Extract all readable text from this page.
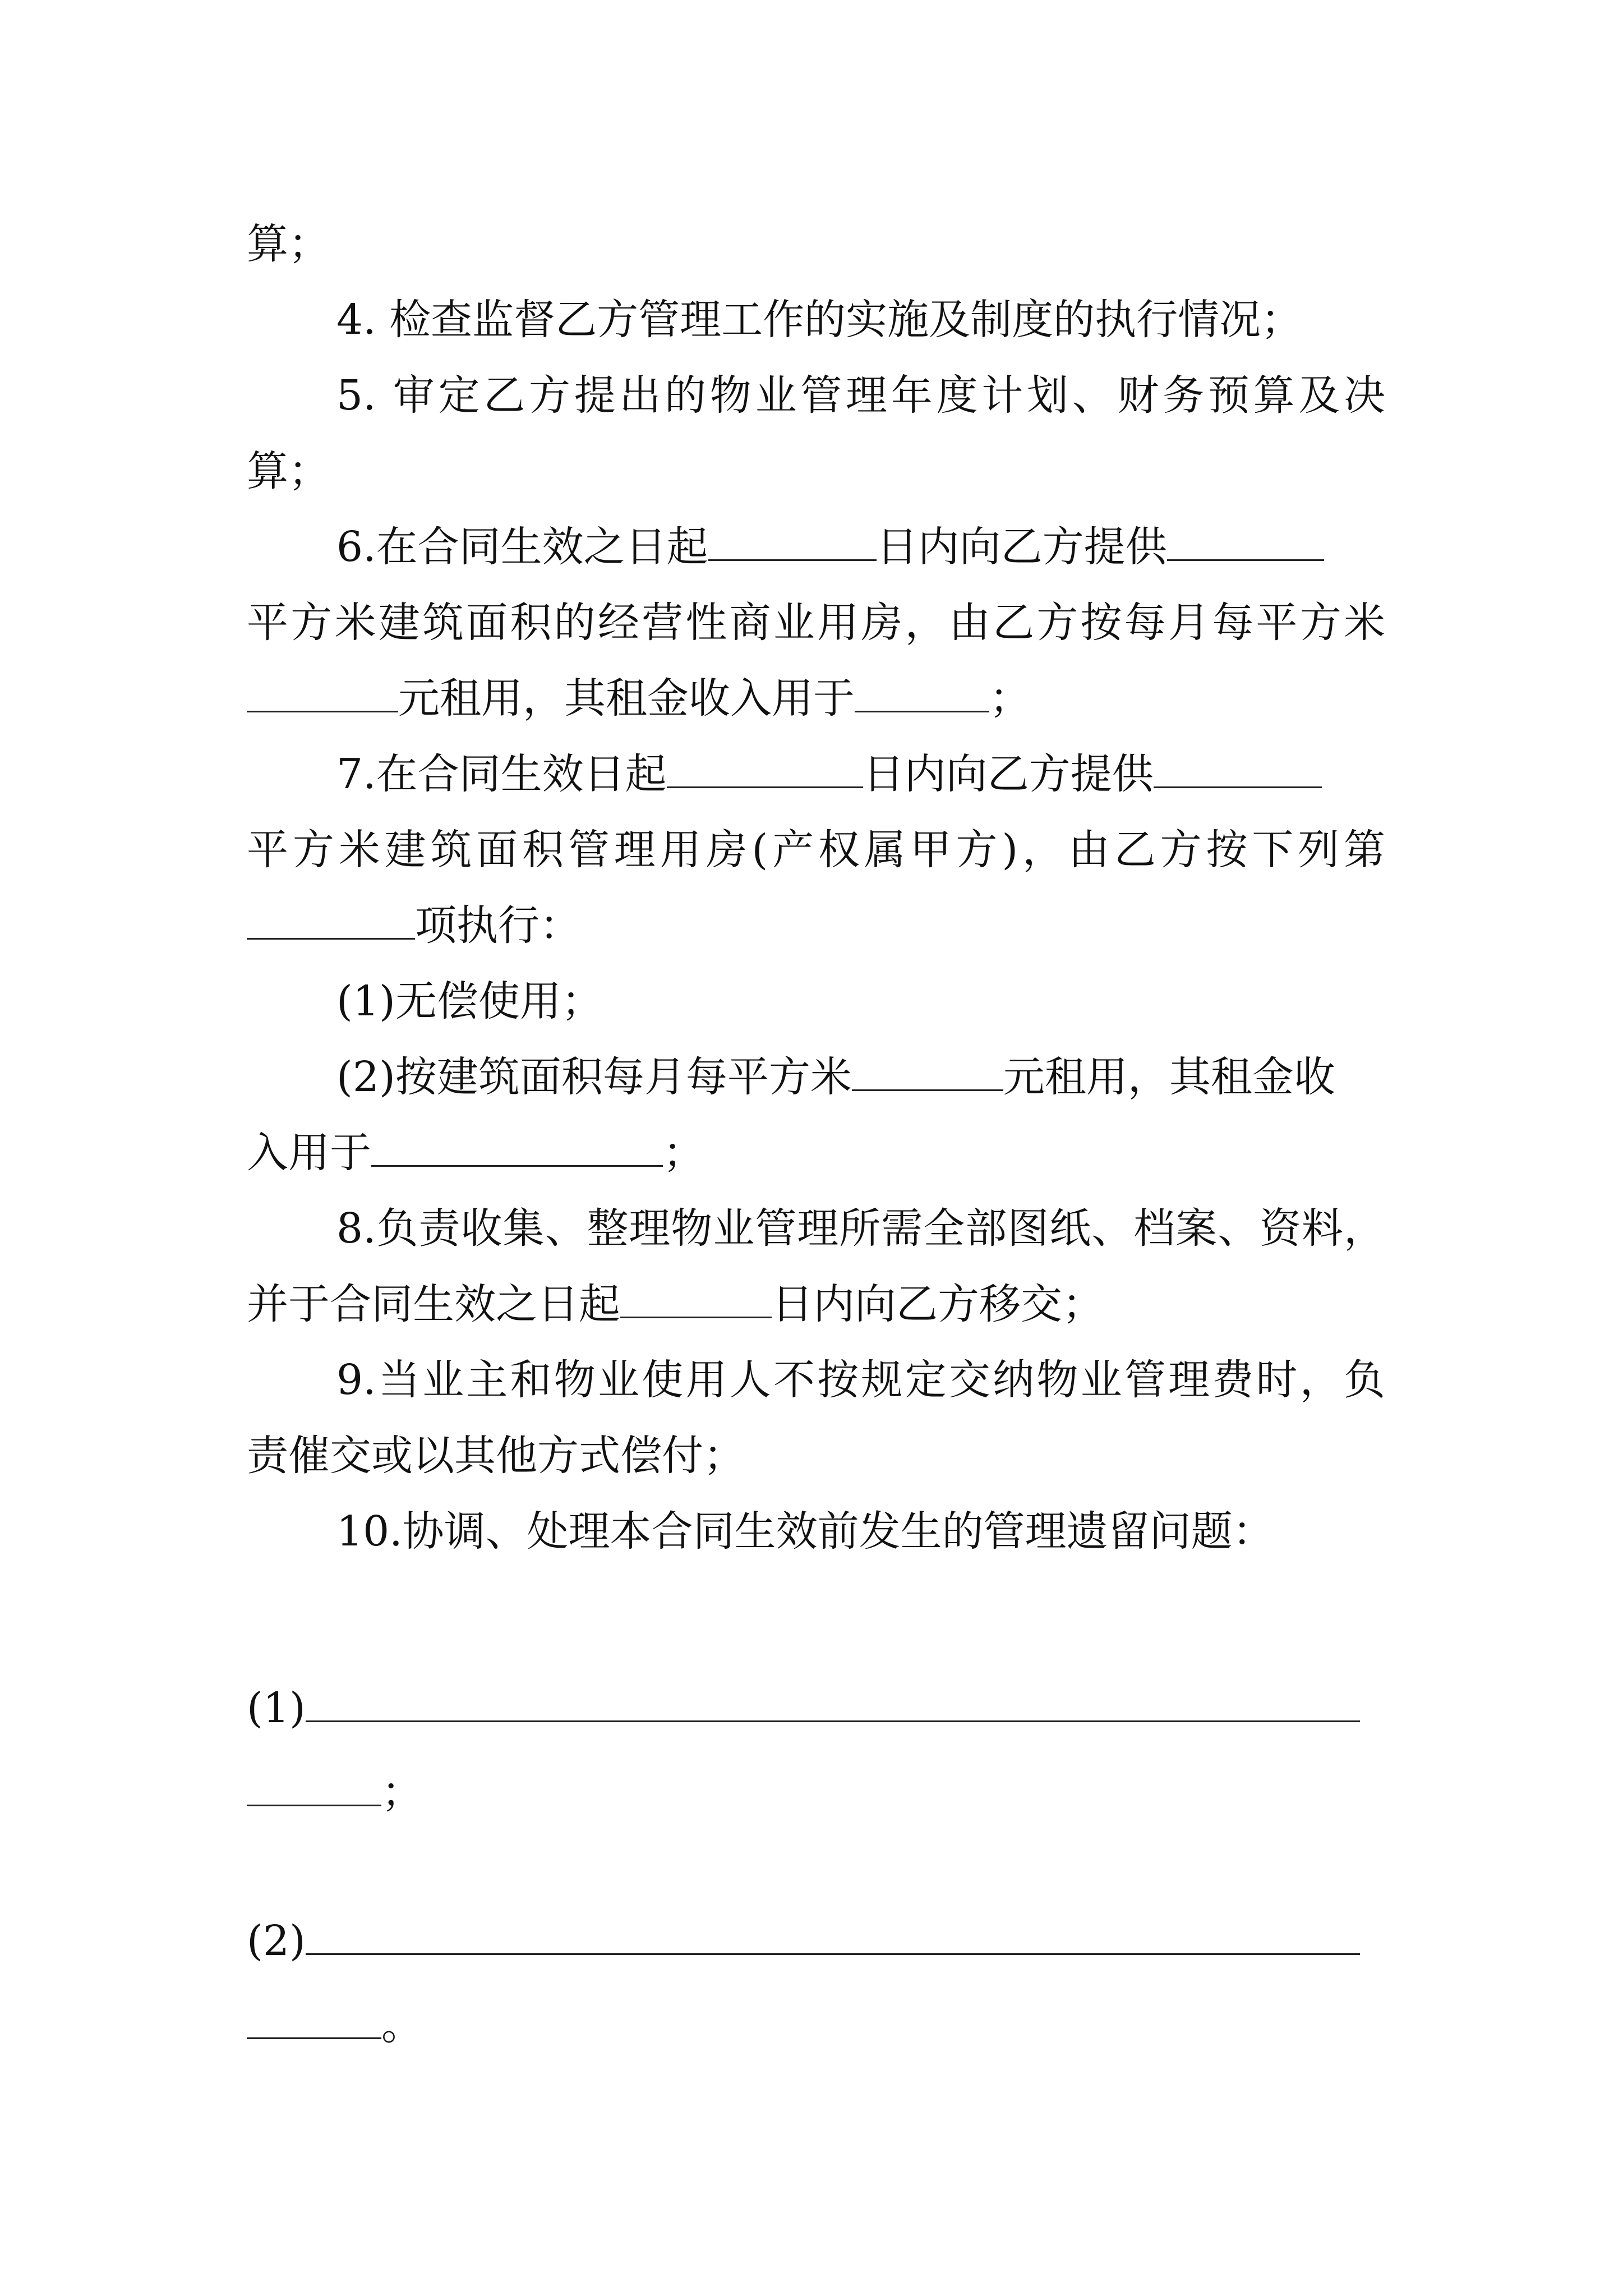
算；
4. 检查监督乙方管理工作的实施及制度的执行情况；
5. 审定乙方提出的物业管理年度计划、财务预算及决
算；
6.在合同生效之日起	日内向乙方提供
平方米建筑面积的经营性商业用房，由乙方按每月每平方米
元租用，其租金收入用于	；
7.在合同生效日起	日内向乙方提供
平方米建筑面积管理用房(产权属甲方)，由乙方按下列第
项执行：
(1)无偿使用；
(2)按建筑面积每月每平方米	元租用，其租金收
入用于	；
8.负责收集、整理物业管理所需全部图纸、档案、资料，
并于合同生效之日起	日内向乙方移交；
9.当业主和物业使用人不按规定交纳物业管理费时，负
责催交或以其他方式偿付；
10.协调、处理本合同生效前发生的管理遗留问题：
(1)
；
(2)
。
